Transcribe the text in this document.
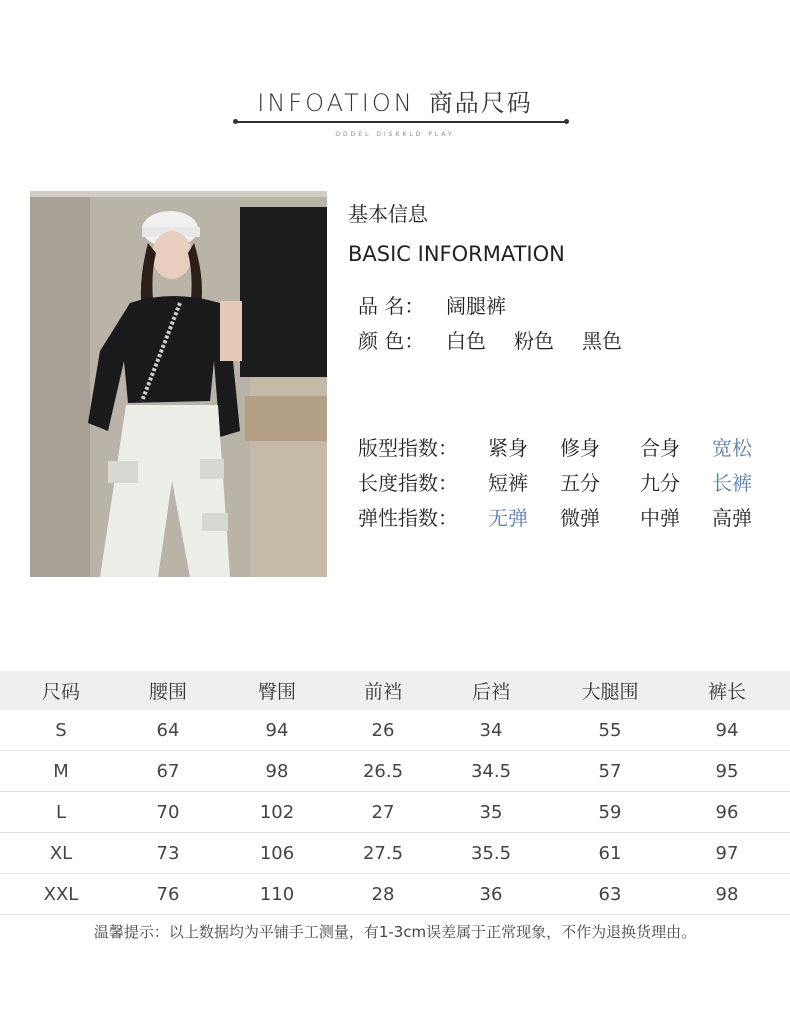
INFOATION 商品尺码
ODDEL DISKKLD PLAY
基本信息
BASIC INFORMATION
品 名： 阔腿裤
颜 色： 白色 粉色 黑色
版型指数： 紧身 修身 合身 宽松
长度指数： 短裤 五分 九分 长裤
弹性指数： 无弹 微弹 中弹 高弹
尺码	腰围	臀围	前裆	后裆	大腿围	裤长
S	64	94	26	34	55	94
M	67	98	26.5	34.5	57	95
L	70	102	27	35	59	96
XL	73	106	27.5	35.5	61	97
XXL	76	110	28	36	63	98
温馨提示：以上数据均为平铺手工测量，有1-3cm误差属于正常现象，不作为退换货理由。
